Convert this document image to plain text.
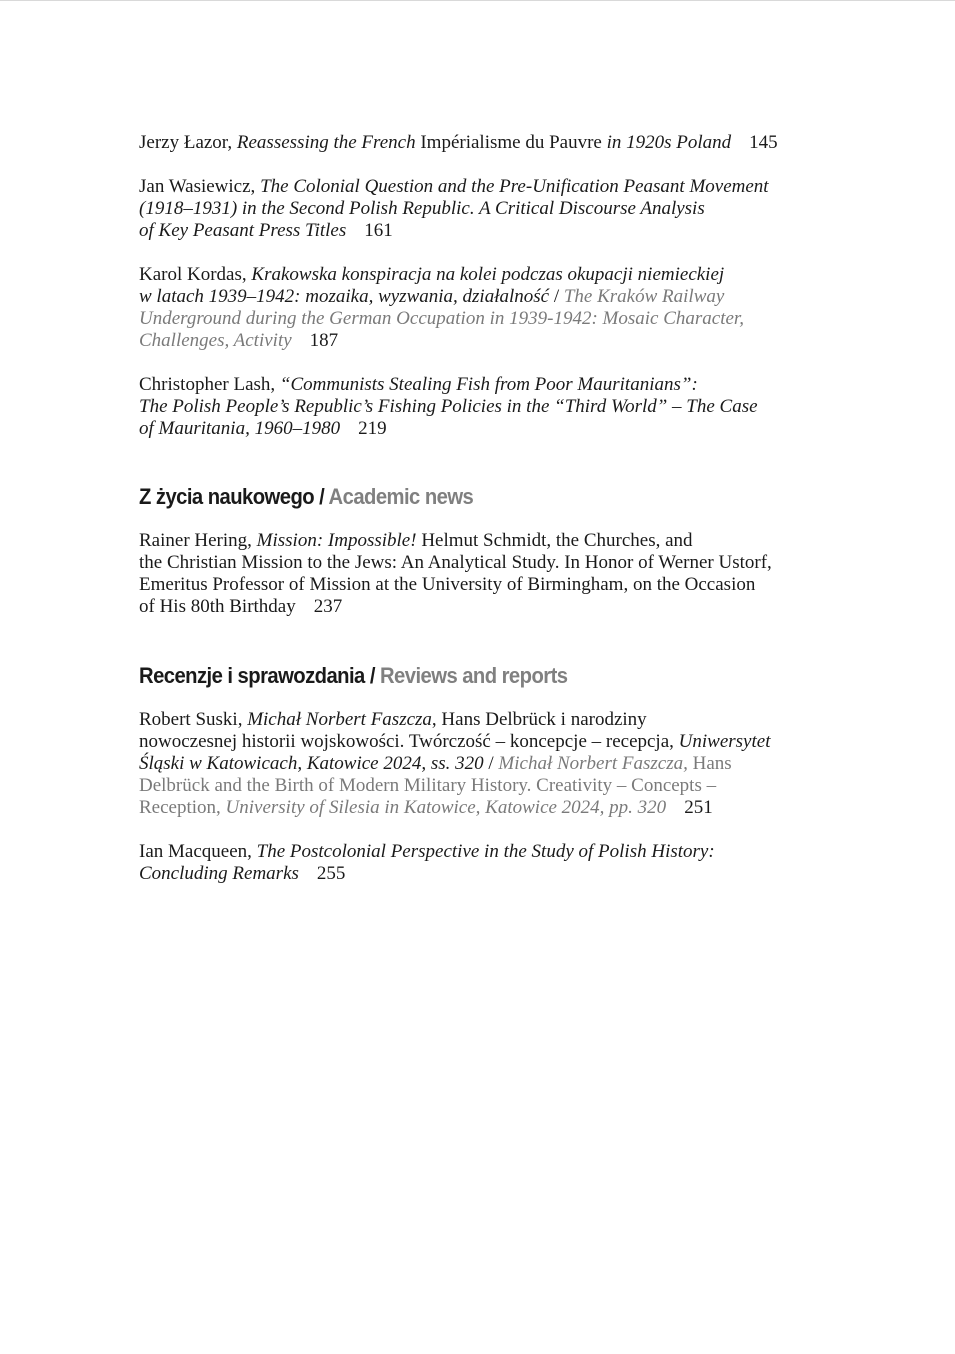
Jerzy Łazor, Reassessing the French Impérialisme du Pauvre in 1920s Poland 145

Jan Wasiewicz, The Colonial Question and the Pre-Unification Peasant Movement
(1918–1931) in the Second Polish Republic. A Critical Discourse Analysis
of Key Peasant Press Titles 161

Karol Kordas, Krakowska konspiracja na kolei podczas okupacji niemieckiej
w latach 1939–1942: mozaika, wyzwania, działalność / The Kraków Railway
Underground during the German Occupation in 1939-1942: Mosaic Character,
Challenges, Activity 187

Christopher Lash, “Communists Stealing Fish from Poor Mauritanians”:
The Polish People’s Republic’s Fishing Policies in the “Third World” – The Case
of Mauritania, 1960–1980 219

Z życia naukowego / Academic news

Rainer Hering, Mission: Impossible! Helmut Schmidt, the Churches, and
the Christian Mission to the Jews: An Analytical Study. In Honor of Werner Ustorf,
Emeritus Professor of Mission at the University of Birmingham, on the Occasion
of His 80th Birthday 237

Recenzje i sprawozdania / Reviews and reports

Robert Suski, Michał Norbert Faszcza, Hans Delbrück i narodziny
nowoczesnej historii wojskowości. Twórczość – koncepcje – recepcja, Uniwersytet
Śląski w Katowicach, Katowice 2024, ss. 320 / Michał Norbert Faszcza, Hans
Delbrück and the Birth of Modern Military History. Creativity – Concepts –
Reception, University of Silesia in Katowice, Katowice 2024, pp. 320 251

Ian Macqueen, The Postcolonial Perspective in the Study of Polish History:
Concluding Remarks 255
